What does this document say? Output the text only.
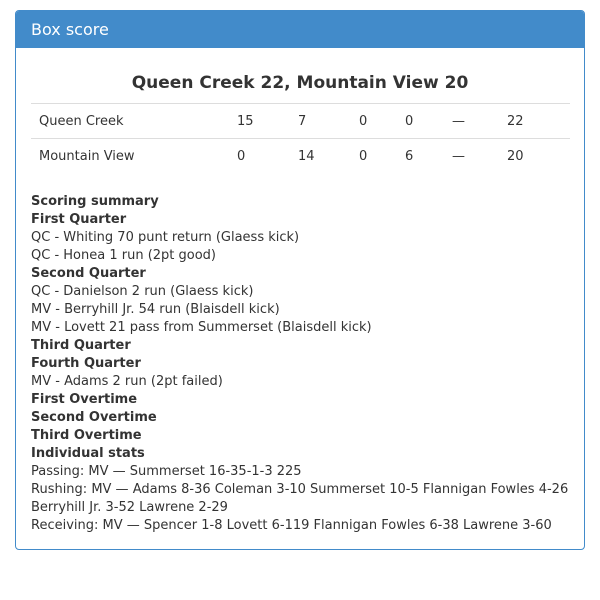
Box score
Queen Creek 22, Mountain View 20
Queen Creek	15	7	0	0	—	22
Mountain View	0	14	0	6	—	20
Scoring summary
First Quarter
QC - Whiting 70 punt return (Glaess kick)
QC - Honea 1 run (2pt good)
Second Quarter
QC - Danielson 2 run (Glaess kick)
MV - Berryhill Jr. 54 run (Blaisdell kick)
MV - Lovett 21 pass from Summerset (Blaisdell kick)
Third Quarter
Fourth Quarter
MV - Adams 2 run (2pt failed)
First Overtime
Second Overtime
Third Overtime
Individual stats
Passing: MV — Summerset 16-35-1-3 225
Rushing: MV — Adams 8-36 Coleman 3-10 Summerset 10-5 Flannigan Fowles 4-26
Berryhill Jr. 3-52 Lawrene 2-29
Receiving: MV — Spencer 1-8 Lovett 6-119 Flannigan Fowles 6-38 Lawrene 3-60
